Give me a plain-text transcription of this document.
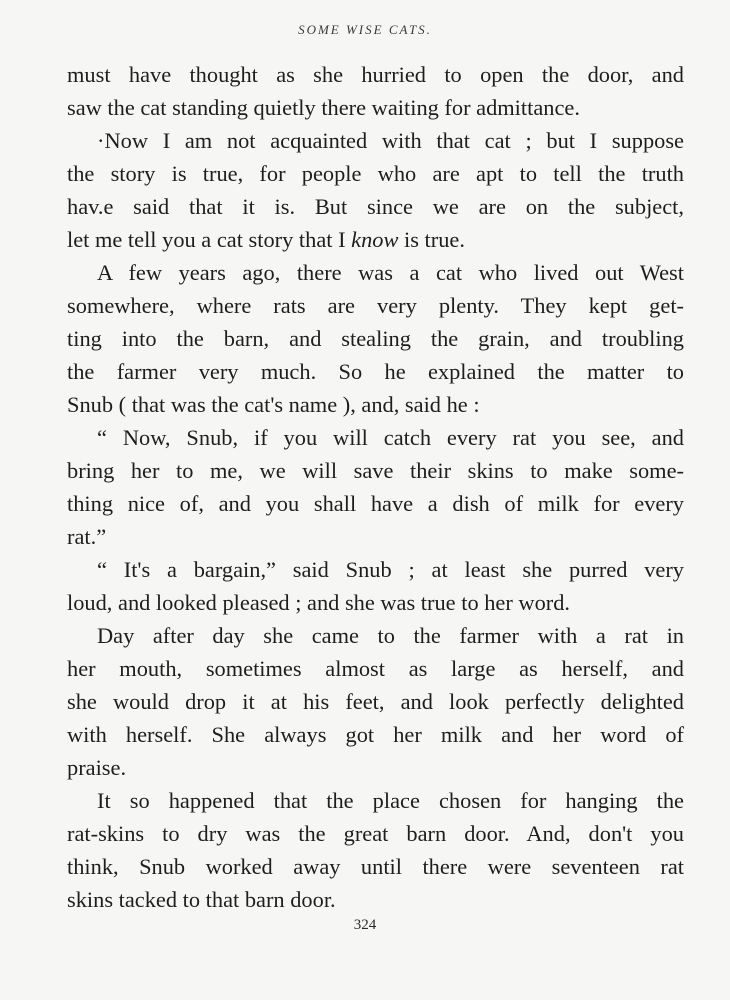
SOME WISE CATS.
must have thought as she hurried to open the door, and
saw the cat standing quietly there waiting for admittance.
·Now I am not acquainted with that cat ; but I suppose
the story is true, for people who are apt to tell the truth
hav.e said that it is. But since we are on the subject,
let me tell you a cat story that I know is true.
A few years ago, there was a cat who lived out West
somewhere, where rats are very plenty. They kept get-
ting into the barn, and stealing the grain, and troubling
the farmer very much. So he explained the matter to
Snub ( that was the cat's name ), and, said he :
“ Now, Snub, if you will catch every rat you see, and
bring her to me, we will save their skins to make some-
thing nice of, and you shall have a dish of milk for every
rat.”
“ It's a bargain,” said Snub ; at least she purred very
loud, and looked pleased ; and she was true to her word.
Day after day she came to the farmer with a rat in
her mouth, sometimes almost as large as herself, and
she would drop it at his feet, and look perfectly delighted
with herself. She always got her milk and her word of
praise.
It so happened that the place chosen for hanging the
rat-skins to dry was the great barn door. And, don't you
think, Snub worked away until there were seventeen rat
skins tacked to that barn door.
324
